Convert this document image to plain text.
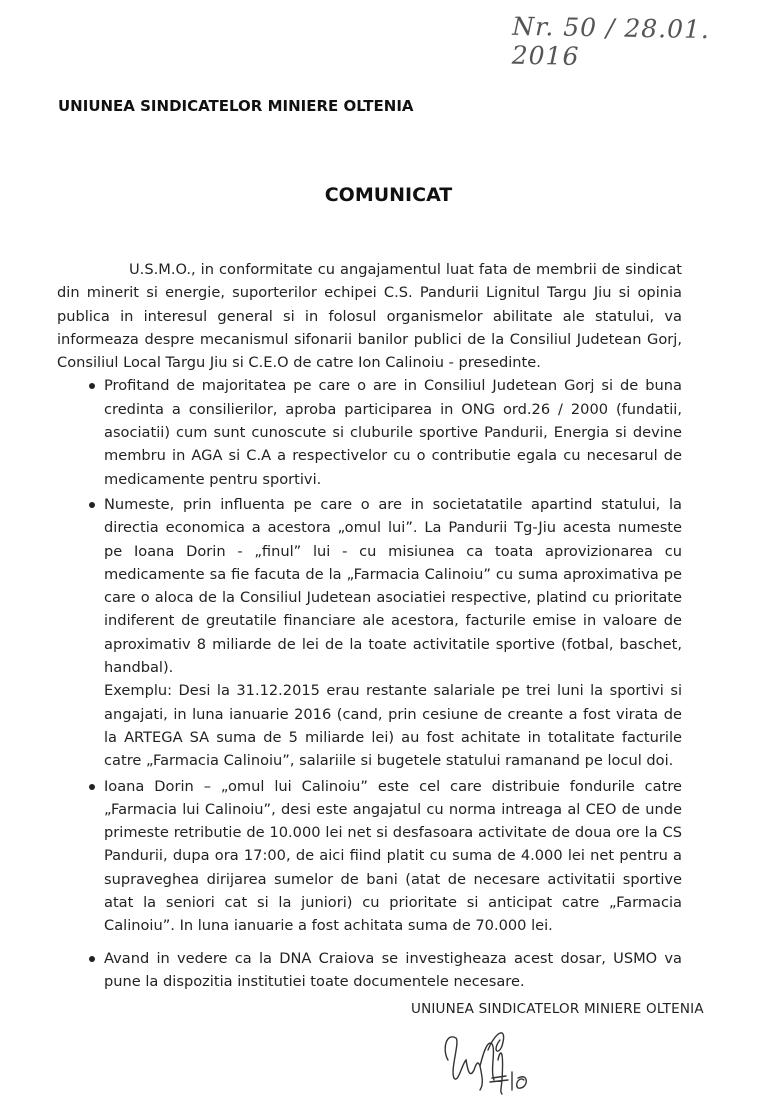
Nr. 50 / 28.01. 2016
UNIUNEA SINDICATELOR MINIERE OLTENIA
COMUNICAT

U.S.M.O., in conformitate cu angajamentul luat fata de membrii de sindicat din minerit si energie, suporterilor echipei C.S. Pandurii Lignitul Targu Jiu si opinia publica in interesul general si in folosul organismelor abilitate ale statului, va informeaza despre mecanismul sifonarii banilor publici de la Consiliul Judetean Gorj, Consiliul Local Targu Jiu si C.E.O de catre Ion Calinoiu - presedinte.

Profitand de majoritatea pe care o are in Consiliul Judetean Gorj si de buna credinta a consilierilor, aproba participarea in ONG ord.26 / 2000 (fundatii, asociatii) cum sunt cunoscute si cluburile sportive Pandurii, Energia si devine membru in AGA si C.A a respectivelor cu o contributie egala cu necesarul de medicamente pentru sportivi.
Numeste, prin influenta pe care o are in societatatile apartind statului, la directia economica a acestora „omul lui”. La Pandurii Tg-Jiu acesta numeste pe Ioana Dorin - „finul” lui - cu misiunea ca toata aprovizionarea cu medicamente sa fie facuta de la „Farmacia Calinoiu” cu suma aproximativa pe care o aloca de la Consiliul Judetean asociatiei respective, platind cu prioritate indiferent de greutatile financiare ale acestora, facturile emise in valoare de aproximativ 8 miliarde de lei de la toate activitatile sportive (fotbal, baschet, handbal).
Exemplu: Desi la 31.12.2015 erau restante salariale pe trei luni la sportivi si angajati, in luna ianuarie 2016 (cand, prin cesiune de creante a fost virata de la ARTEGA SA suma de 5 miliarde lei) au fost achitate in totalitate facturile catre „Farmacia Calinoiu”, salariile si bugetele statului ramanand pe locul doi.
Ioana Dorin – „omul lui Calinoiu” este cel care distribuie fondurile catre „Farmacia lui Calinoiu”, desi este angajatul cu norma intreaga al CEO de unde primeste retributie de 10.000 lei net si desfasoara activitate de doua ore la CS Pandurii, dupa ora 17:00, de aici fiind platit cu suma de 4.000 lei net pentru a supraveghea dirijarea sumelor de bani (atat de necesare activitatii sportive atat la seniori cat si la juniori) cu prioritate si anticipat catre „Farmacia Calinoiu”. In luna ianuarie a fost achitata suma de 70.000 lei.
Avand in vedere ca la DNA Craiova se investigheaza acest dosar, USMO va pune la dispozitia institutiei toate documentele necesare.
UNIUNEA SINDICATELOR MINIERE OLTENIA
